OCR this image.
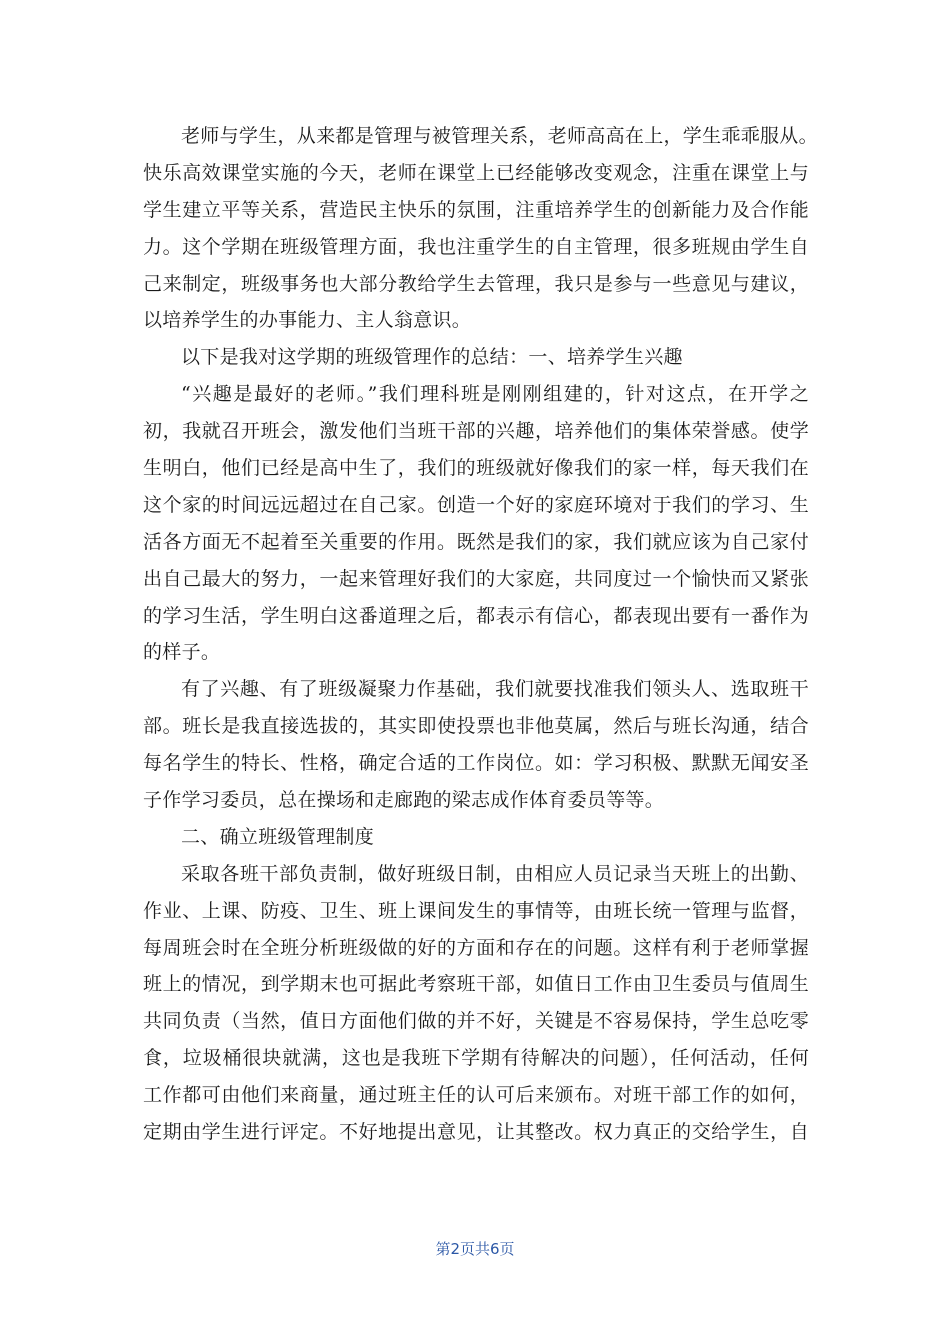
老师与学生，从来都是管理与被管理关系，老师高高在上，学生乖乖服从。
快乐高效课堂实施的今天，老师在课堂上已经能够改变观念，注重在课堂上与
学生建立平等关系，营造民主快乐的氛围，注重培养学生的创新能力及合作能
力。这个学期在班级管理方面，我也注重学生的自主管理，很多班规由学生自
己来制定，班级事务也大部分教给学生去管理，我只是参与一些意见与建议，
以培养学生的办事能力、主人翁意识。
以下是我对这学期的班级管理作的总结：一、培养学生兴趣
“兴趣是最好的老师。”我们理科班是刚刚组建的，针对这点，在开学之
初，我就召开班会，激发他们当班干部的兴趣，培养他们的集体荣誉感。使学
生明白，他们已经是高中生了，我们的班级就好像我们的家一样，每天我们在
这个家的时间远远超过在自己家。创造一个好的家庭环境对于我们的学习、生
活各方面无不起着至关重要的作用。既然是我们的家，我们就应该为自己家付
出自己最大的努力，一起来管理好我们的大家庭，共同度过一个愉快而又紧张
的学习生活，学生明白这番道理之后，都表示有信心，都表现出要有一番作为
的样子。
有了兴趣、有了班级凝聚力作基础，我们就要找准我们领头人、选取班干
部。班长是我直接选拔的，其实即使投票也非他莫属，然后与班长沟通，结合
每名学生的特长、性格，确定合适的工作岗位。如：学习积极、默默无闻安圣
子作学习委员，总在操场和走廊跑的梁志成作体育委员等等。
二、确立班级管理制度
采取各班干部负责制，做好班级日制，由相应人员记录当天班上的出勤、
作业、上课、防疫、卫生、班上课间发生的事情等，由班长统一管理与监督，
每周班会时在全班分析班级做的好的方面和存在的问题。这样有利于老师掌握
班上的情况，到学期末也可据此考察班干部，如值日工作由卫生委员与值周生
共同负责（当然，值日方面他们做的并不好，关键是不容易保持，学生总吃零
食，垃圾桶很块就满，这也是我班下学期有待解决的问题），任何活动，任何
工作都可由他们来商量，通过班主任的认可后来颁布。对班干部工作的如何，
定期由学生进行评定。不好地提出意见，让其整改。权力真正的交给学生，自
第2页共6页
